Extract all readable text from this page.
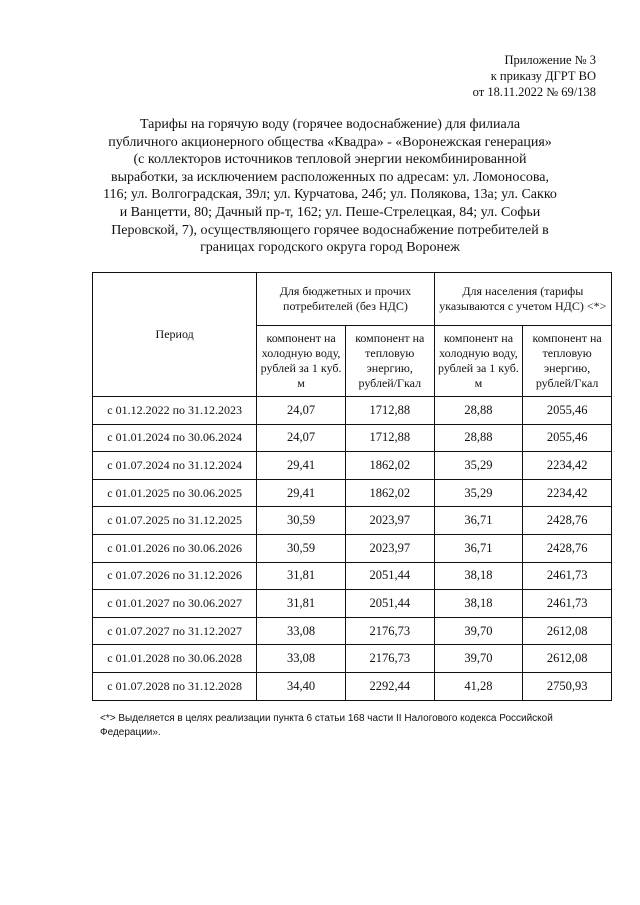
Приложение № 3
к приказу ДГРТ ВО
от 18.11.2022 № 69/138
Тарифы на горячую воду (горячее водоснабжение) для филиала
публичного акционерного общества «Квадра» - «Воронежская генерация»
(с коллекторов источников тепловой энергии некомбинированной
выработки, за исключением расположенных по адресам: ул. Ломоносова,
116; ул. Волгоградская, 39л; ул. Курчатова, 24б; ул. Полякова, 13а; ул. Сакко
и Ванцетти, 80; Дачный пр-т, 162; ул. Пеше-Стрелецкая, 84; ул. Софьи
Перовской, 7), осуществляющего горячее водоснабжение потребителей в
границах городского округа город Воронеж
Период	Для бюджетных и прочих потребителей (без НДС)		Для населения (тарифы указываются с учетом НДС) <*>	
	компонент на холодную воду, рублей за 1 куб. м	компонент на тепловую энергию, рублей/Гкал	компонент на холодную воду, рублей за 1 куб. м	компонент на тепловую энергию, рублей/Гкал
с 01.12.2022 по 31.12.2023	24,07	1712,88	28,88	2055,46
с 01.01.2024 по 30.06.2024	24,07	1712,88	28,88	2055,46
с 01.07.2024 по 31.12.2024	29,41	1862,02	35,29	2234,42
с 01.01.2025 по 30.06.2025	29,41	1862,02	35,29	2234,42
с 01.07.2025 по 31.12.2025	30,59	2023,97	36,71	2428,76
с 01.01.2026 по 30.06.2026	30,59	2023,97	36,71	2428,76
с 01.07.2026 по 31.12.2026	31,81	2051,44	38,18	2461,73
с 01.01.2027 по 30.06.2027	31,81	2051,44	38,18	2461,73
с 01.07.2027 по 31.12.2027	33,08	2176,73	39,70	2612,08
с 01.01.2028 по 30.06.2028	33,08	2176,73	39,70	2612,08
с 01.07.2028 по 31.12.2028	34,40	2292,44	41,28	2750,93
<*> Выделяется в целях реализации пункта 6 статьи 168 части II Налогового кодекса Российской Федерации».
